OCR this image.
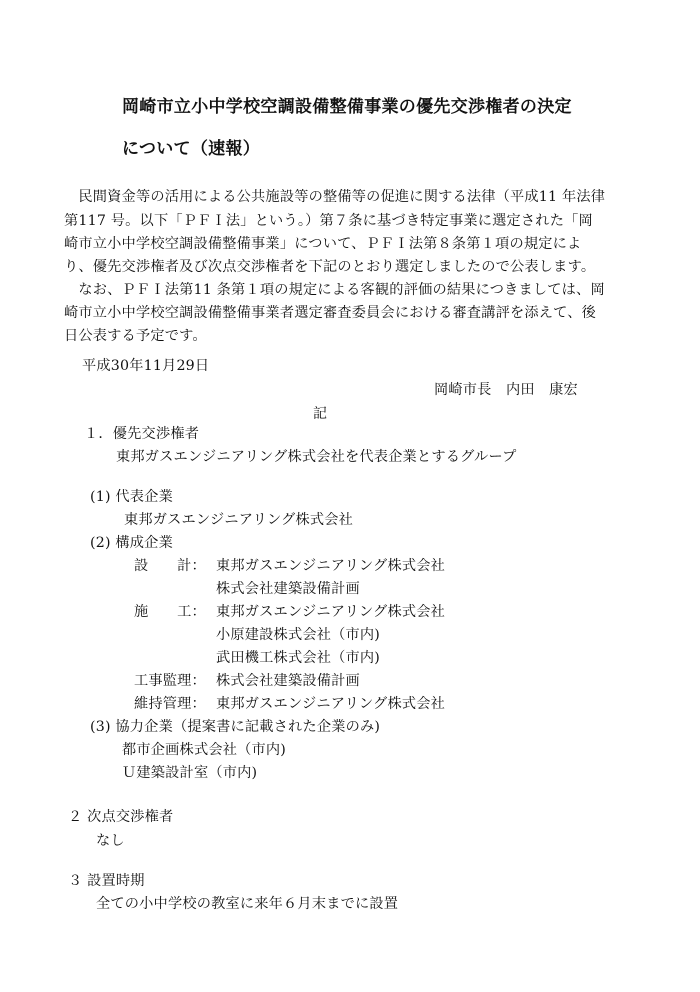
岡崎市立小中学校空調設備整備事業の優先交渉権者の決定
について（速報）
　民間資金等の活用による公共施設等の整備等の促進に関する法律（平成11 年法律
第117 号。以下「ＰＦＩ法」という。）第７条に基づき特定事業に選定された「岡
崎市立小中学校空調設備整備事業」について、ＰＦＩ法第８条第１項の規定によ
り、優先交渉権者及び次点交渉権者を下記のとおり選定しましたので公表します。
　なお、ＰＦＩ法第11 条第１項の規定による客観的評価の結果につきましては、岡
崎市立小中学校空調設備整備事業者選定審査委員会における審査講評を添えて、後
日公表する予定です。
平成30年11月29日
岡崎市長　内田　康宏
記
１．優先交渉権者
東邦ガスエンジニアリング株式会社を代表企業とするグループ
(1) 代表企業
東邦ガスエンジニアリング株式会社
(2) 構成企業
設　　計： 東邦ガスエンジニアリング株式会社
株式会社建築設備計画
施　　工： 東邦ガスエンジニアリング株式会社
小原建設株式会社（市内)
武田機工株式会社（市内)
工事監理： 株式会社建築設備計画
維持管理： 東邦ガスエンジニアリング株式会社
(3) 協力企業（提案書に記載された企業のみ)
都市企画株式会社（市内)
Ｕ建築設計室（市内)
２ 次点交渉権者
なし
３ 設置時期
全ての小中学校の教室に来年６月末までに設置
